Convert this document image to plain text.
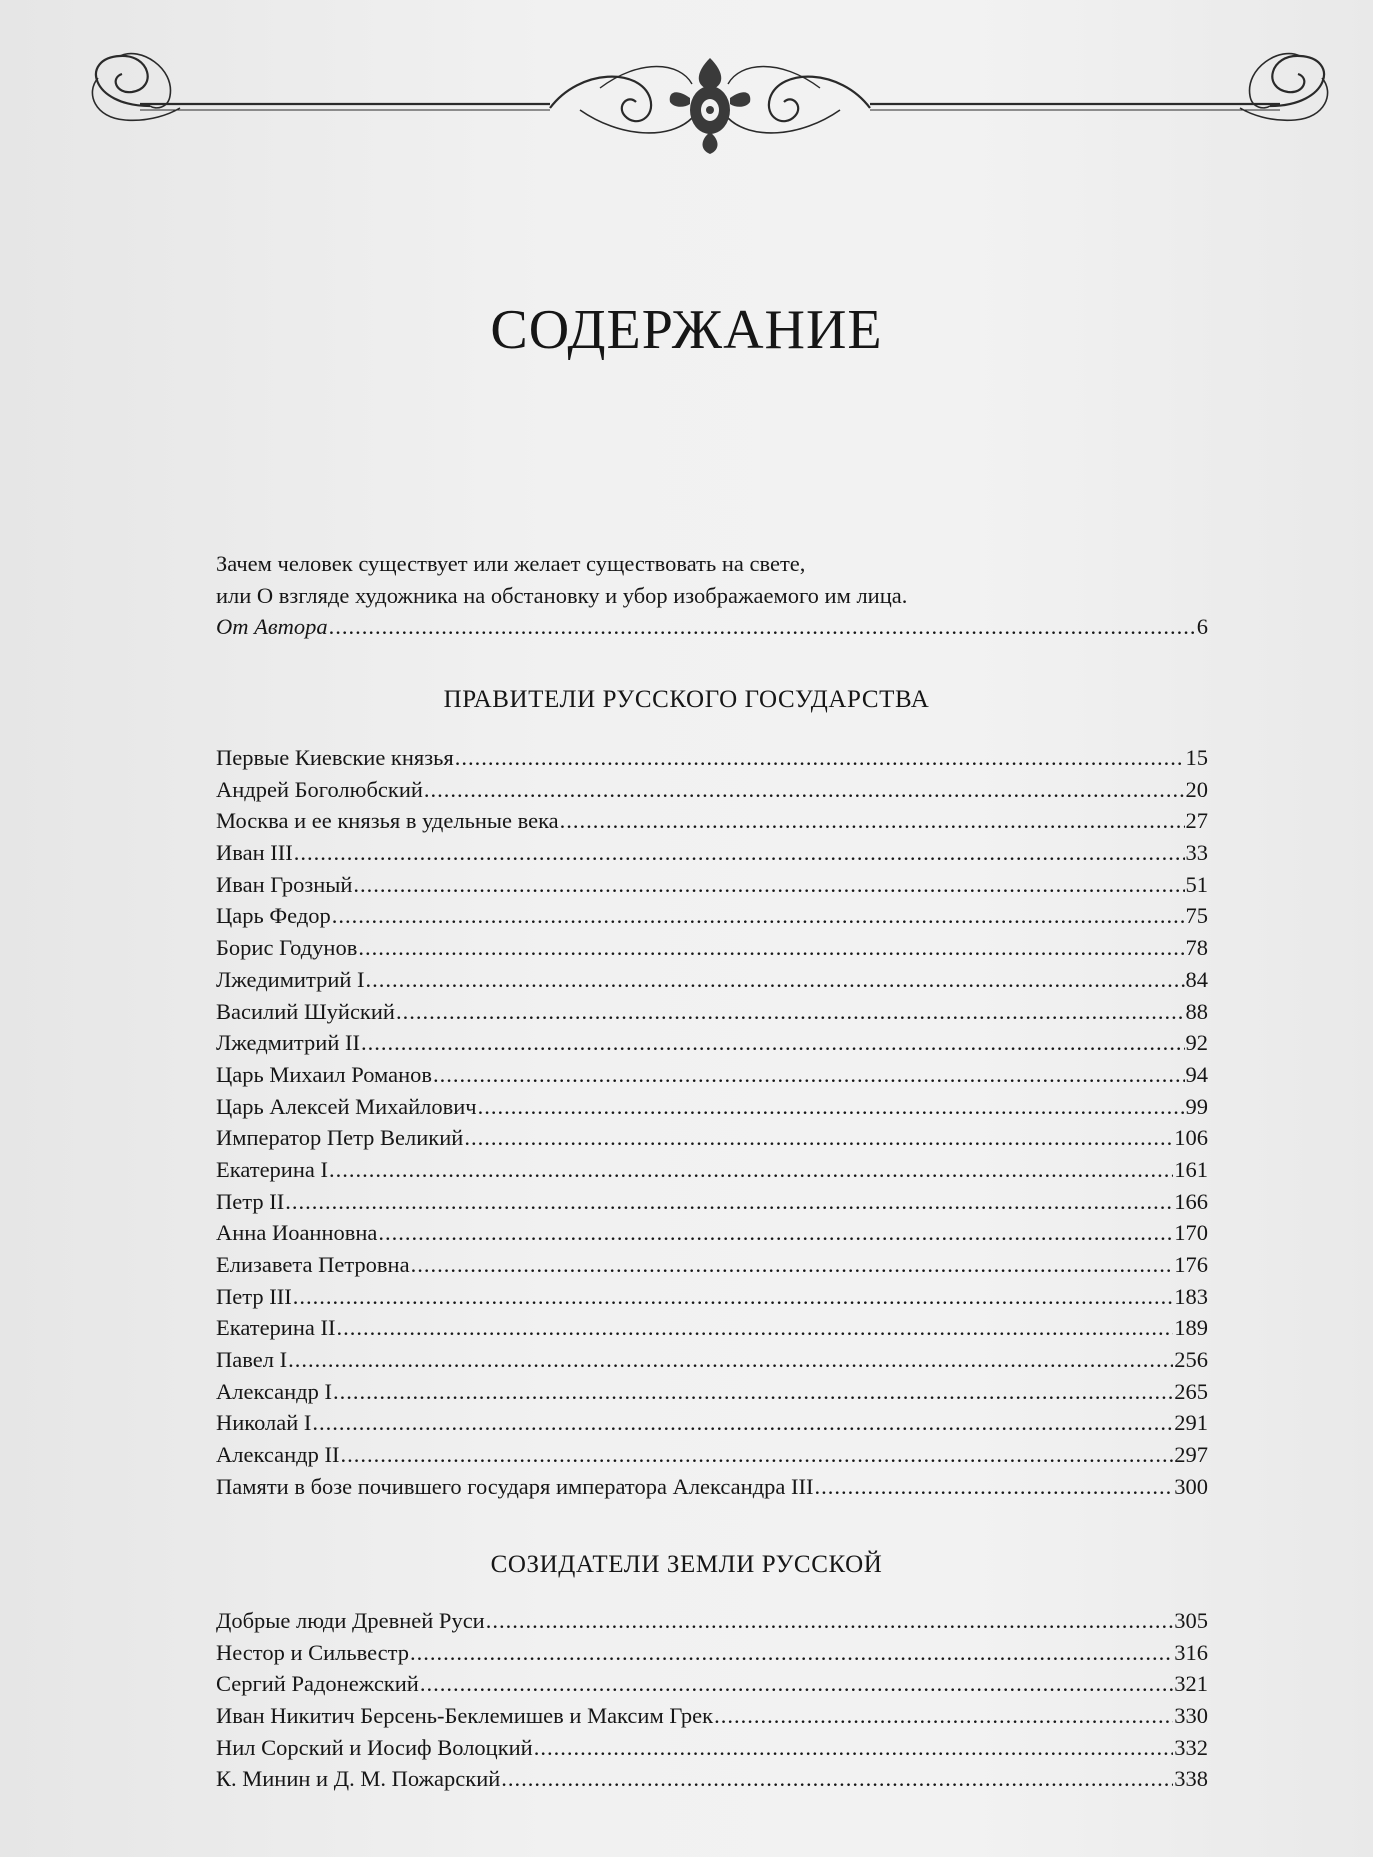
СОДЕРЖАНИЕ
Зачем человек существует или желает существовать на свете,
или О взгляде художника на обстановку и убор изображаемого им лица.
От Автора .....	6
ПРАВИТЕЛИ РУССКОГО ГОСУДАРСТВА
Первые Киевские князья .....	15
Андрей Боголюбский .....	20
Москва и ее князья в удельные века .....	27
Иван III .....	33
Иван Грозный .....	51
Царь Федор .....	75
Борис Годунов .....	78
Лжедимитрий I .....	84
Василий Шуйский .....	88
Лжедмитрий II .....	92
Царь Михаил Романов .....	94
Царь Алексей Михайлович .....	99
Император Петр Великий .....	106
Екатерина I .....	161
Петр II .....	166
Анна Иоанновна .....	170
Елизавета Петровна .....	176
Петр III .....	183
Екатерина II .....	189
Павел I .....	256
Александр I .....	265
Николай I .....	291
Александр II .....	297
Памяти в бозе почившего государя императора Александра III .....	300
СОЗИДАТЕЛИ ЗЕМЛИ РУССКОЙ
Добрые люди Древней Руси .....	305
Нестор и Сильвестр .....	316
Сергий Радонежский .....	321
Иван Никитич Берсень-Беклемишев и Максим Грек .....	330
Нил Сорский и Иосиф Волоцкий .....	332
К. Минин и Д. М. Пожарский .....	338
